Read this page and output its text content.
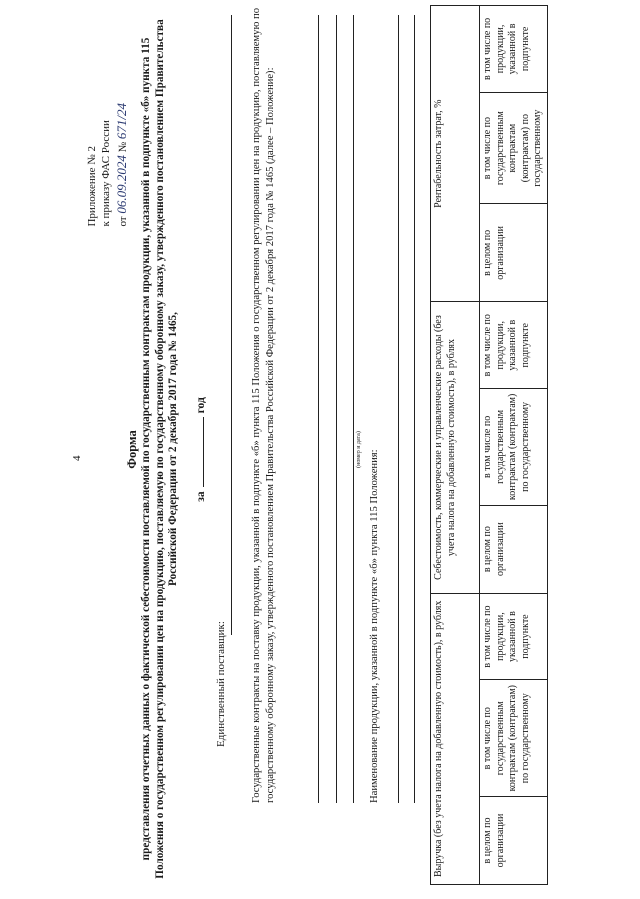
4
Приложение № 2 к приказу ФАС России от 06.09.2024 № 671/24
Форма представления отчетных данных о фактической себестоимости поставляемой по государственным контрактам продукции, указанной в подпункте «б» пункта 115 Положения о государственном регулировании цен на продукцию, поставляемую по государственному оборонному заказу, утвержденного постановлением Правительства Российской Федерации от 2 декабря 2017 года № 1465, загод
Единственный поставщик: Государственные контракты на поставку продукции, указанной в подпункте «б» пункта 115 Положения о государственном регулировании цен на продукцию, поставляемую по государственному оборонному заказу, утвержденного постановлением Правительства Российской Федерации от 2 декабря 2017 года № 1465 (далее – Положение):	(номер и дата) Наименование продукции, указанной в подпункте «б» пункта 115 Положения:	Выручка (без учета налога на добавленную стоимость), в рублях			Себестоимость, коммерческие и управленческие расходы (без учета налога на добавленную стоимость), в рублях			Рентабельность затрат, %		
в целом по организации	в том числе по государственным контрактам (контрактам) по государственному	в том числе по продукции, указанной в подпункте	в целом по организации	в том числе по государственным контрактам (контрактам) по государственному	в том числе по продукции, указанной в подпункте	в целом по организации	в том числе по государственным контрактам (контрактам) по государственному	в том числе по продукции, указанной в подпункте
